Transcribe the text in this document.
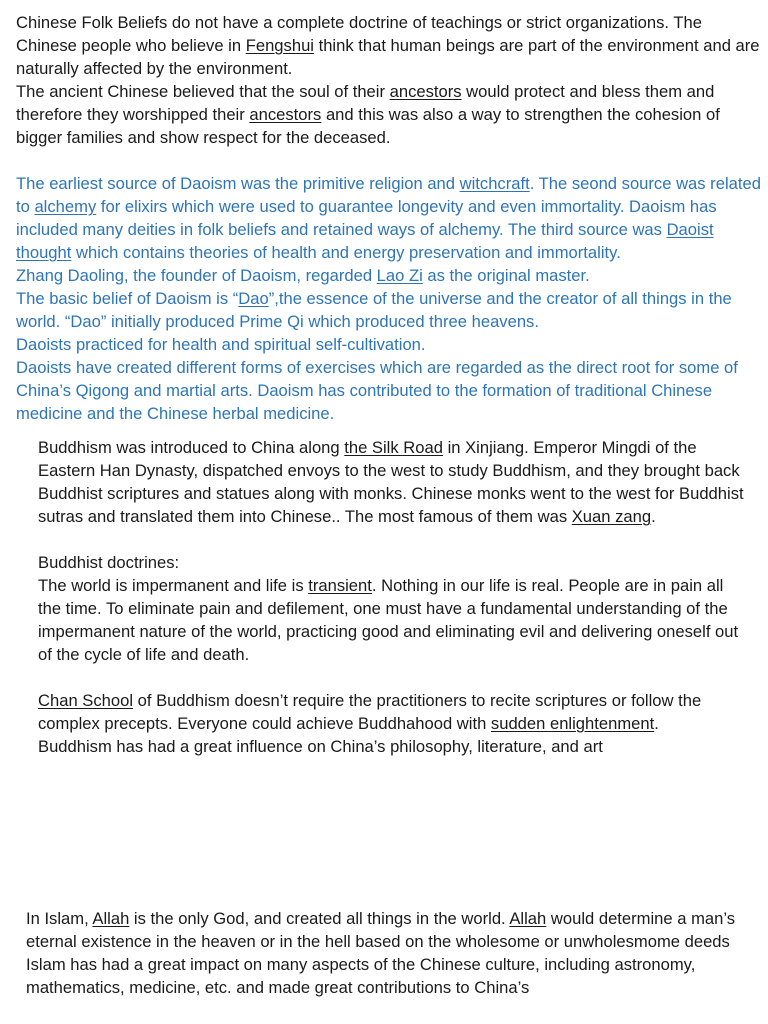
Chinese Folk Beliefs do not have a complete doctrine of teachings or strict organizations. The Chinese people who believe in Fengshui think that human beings are part of the environment and are naturally affected by the environment.

The ancient Chinese believed that the soul of their ancestors would protect and bless them and therefore they worshipped their ancestors and this was also a way to strengthen the cohesion of bigger families and show respect for the deceased.

The earliest source of Daoism was the primitive religion and witchcraft. The seond source was related to alchemy for elixirs which were used to guarantee longevity and even immortality. Daoism has included many deities in folk beliefs and retained ways of alchemy. The third source was Daoist thought which contains theories of health and energy preservation and immortality.

Zhang Daoling, the founder of Daoism, regarded Lao Zi as the original master.

The basic belief of Daoism is “Dao”,the essence of the universe and the creator of all things in the world. “Dao” initially produced Prime Qi which produced three heavens.

Daoists practiced for health and spiritual self-cultivation.

Daoists have created different forms of exercises which are regarded as the direct root for some of China’s Qigong and martial arts. Daoism has contributed to the formation of traditional Chinese medicine and the Chinese herbal medicine.

Buddhism was introduced to China along the Silk Road in Xinjiang. Emperor Mingdi of the Eastern Han Dynasty, dispatched envoys to the west to study Buddhism, and they brought back Buddhist scriptures and statues along with monks. Chinese monks went to the west for Buddhist sutras and translated them into Chinese.. The most famous of them was Xuan zang.

Buddhist doctrines:

The world is impermanent and life is transient. Nothing in our life is real. People are in pain all the time. To eliminate pain and defilement, one must have a fundamental understanding of the impermanent nature of the world, practicing good and eliminating evil and delivering oneself out of the cycle of life and death.

Chan School of Buddhism doesn’t require the practitioners to recite scriptures or follow the complex precepts. Everyone could achieve Buddhahood with sudden enlightenment.

Buddhism has had a great influence on China’s philosophy, literature, and art

In Islam, Allah is the only God, and created all things in the world. Allah would determine a man’s eternal existence in the heaven or in the hell based on the wholesome or unwholesmome deeds

Islam has had a great impact on many aspects of the Chinese culture, including astronomy, mathematics, medicine, etc. and made great contributions to China’s
